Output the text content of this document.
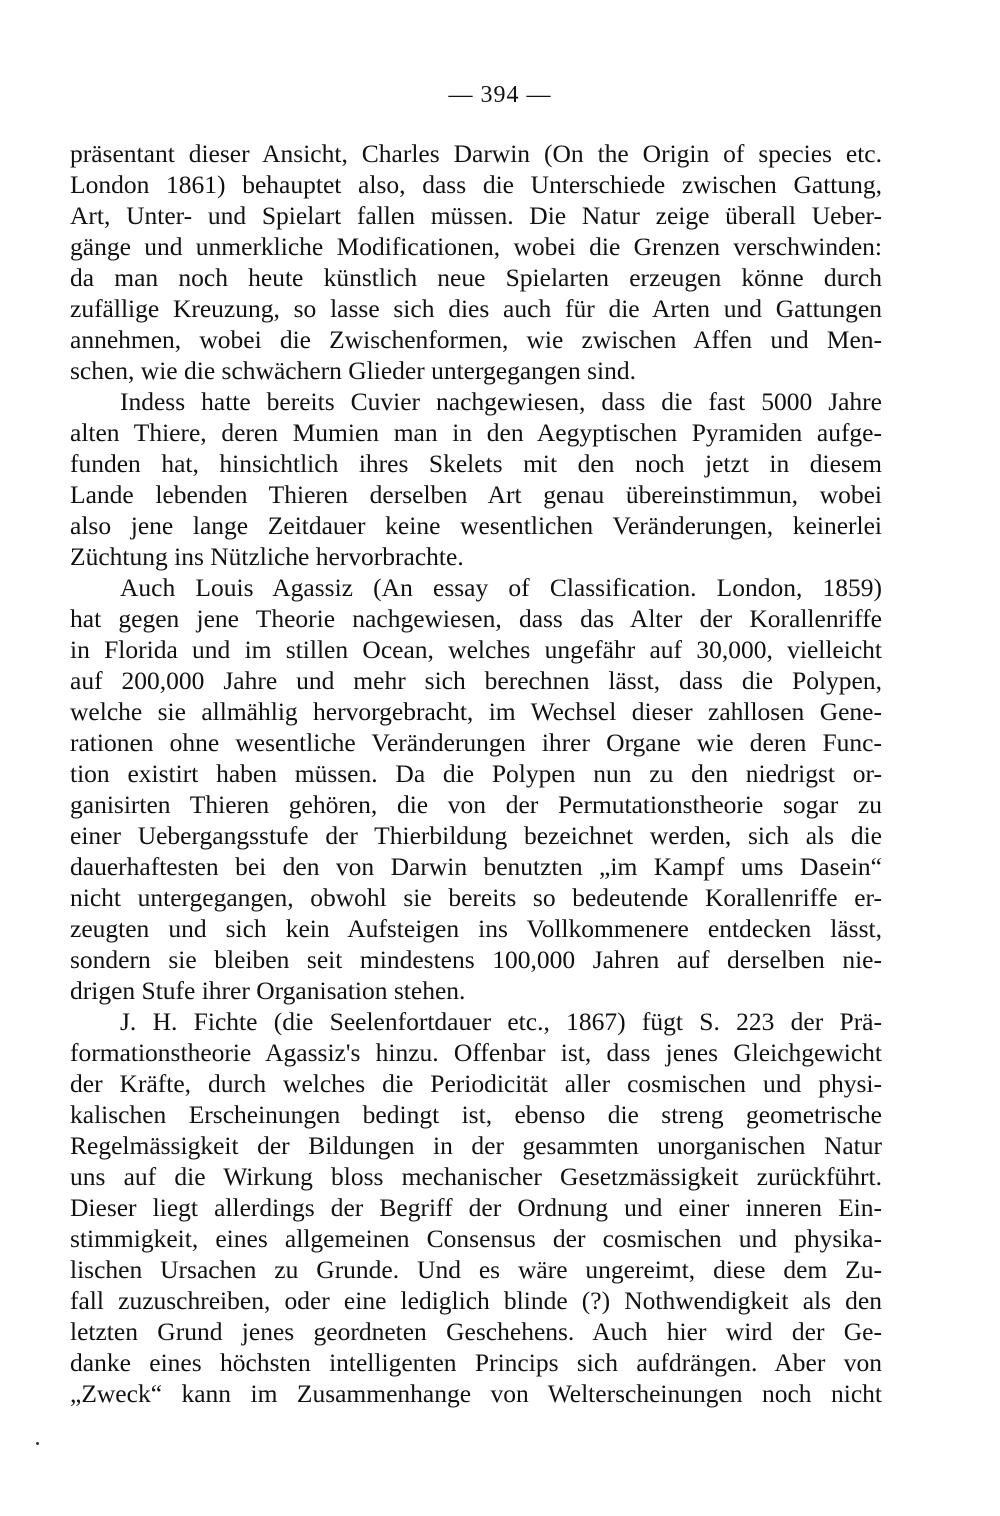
— 394 —
präsentant dieser Ansicht, Charles Darwin (On the Origin of species etc.
London 1861) behauptet also, dass die Unterschiede zwischen Gattung,
Art, Unter- und Spielart fallen müssen. Die Natur zeige überall Ueber-
gänge und unmerkliche Modificationen, wobei die Grenzen verschwinden:
da man noch heute künstlich neue Spielarten erzeugen könne durch
zufällige Kreuzung, so lasse sich dies auch für die Arten und Gattungen
annehmen, wobei die Zwischenformen, wie zwischen Affen und Men-
schen, wie die schwächern Glieder untergegangen sind.
Indess hatte bereits Cuvier nachgewiesen, dass die fast 5000 Jahre
alten Thiere, deren Mumien man in den Aegyptischen Pyramiden aufge-
funden hat, hinsichtlich ihres Skelets mit den noch jetzt in diesem
Lande lebenden Thieren derselben Art genau übereinstimmun, wobei
also jene lange Zeitdauer keine wesentlichen Veränderungen, keinerlei
Züchtung ins Nützliche hervorbrachte.
Auch Louis Agassiz (An essay of Classification. London, 1859)
hat gegen jene Theorie nachgewiesen, dass das Alter der Korallenriffe
in Florida und im stillen Ocean, welches ungefähr auf 30,000, vielleicht
auf 200,000 Jahre und mehr sich berechnen lässt, dass die Polypen,
welche sie allmählig hervorgebracht, im Wechsel dieser zahllosen Gene-
rationen ohne wesentliche Veränderungen ihrer Organe wie deren Func-
tion existirt haben müssen. Da die Polypen nun zu den niedrigst or-
ganisirten Thieren gehören, die von der Permutationstheorie sogar zu
einer Uebergangsstufe der Thierbildung bezeichnet werden, sich als die
dauerhaftesten bei den von Darwin benutzten „im Kampf ums Dasein“
nicht untergegangen, obwohl sie bereits so bedeutende Korallenriffe er-
zeugten und sich kein Aufsteigen ins Vollkommenere entdecken lässt,
sondern sie bleiben seit mindestens 100,000 Jahren auf derselben nie-
drigen Stufe ihrer Organisation stehen.
J. H. Fichte (die Seelenfortdauer etc., 1867) fügt S. 223 der Prä-
formationstheorie Agassiz's hinzu. Offenbar ist, dass jenes Gleichgewicht
der Kräfte, durch welches die Periodicität aller cosmischen und physi-
kalischen Erscheinungen bedingt ist, ebenso die streng geometrische
Regelmässigkeit der Bildungen in der gesammten unorganischen Natur
uns auf die Wirkung bloss mechanischer Gesetzmässigkeit zurückführt.
Dieser liegt allerdings der Begriff der Ordnung und einer inneren Ein-
stimmigkeit, eines allgemeinen Consensus der cosmischen und physika-
lischen Ursachen zu Grunde. Und es wäre ungereimt, diese dem Zu-
fall zuzuschreiben, oder eine lediglich blinde (?) Nothwendigkeit als den
letzten Grund jenes geordneten Geschehens. Auch hier wird der Ge-
danke eines höchsten intelligenten Princips sich aufdrängen. Aber von
„Zweck“ kann im Zusammenhange von Welterscheinungen noch nicht
